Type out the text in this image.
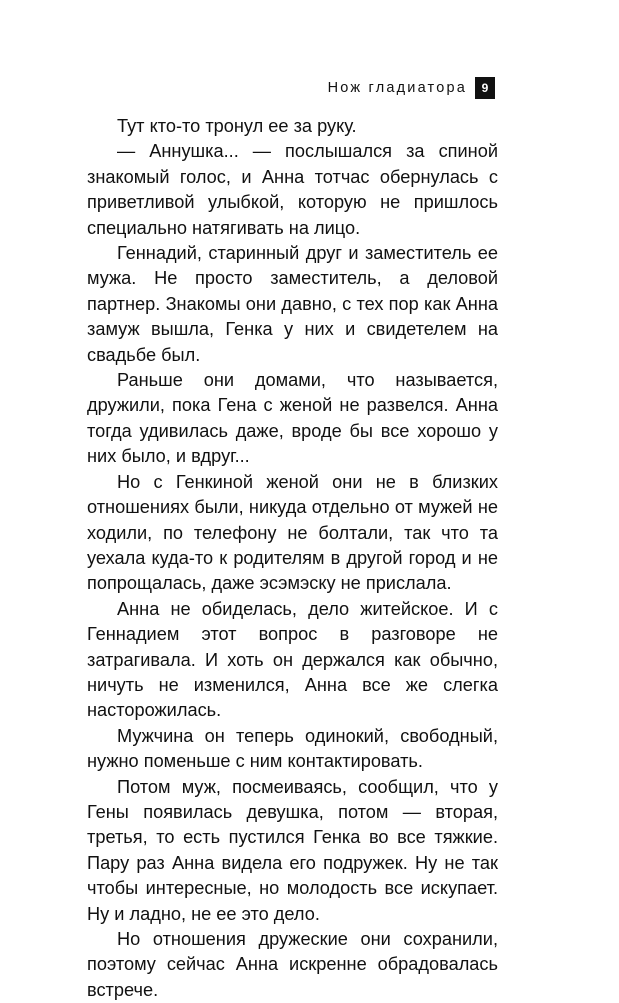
Нож гладиатора	9

Тут кто-то тронул ее за руку.

— Аннушка... — послышался за спиной знакомый голос, и Анна тотчас обернулась с приветливой улыбкой, которую не пришлось специально натягивать на лицо.

Геннадий, старинный друг и заместитель ее мужа. Не просто заместитель, а деловой партнер. Знакомы они давно, с тех пор как Анна замуж вышла, Генка у них и свидетелем на свадьбе был.

Раньше они домами, что называется, дружили, пока Гена с женой не развелся. Анна тогда удивилась даже, вроде бы все хорошо у них было, и вдруг...

Но с Генкиной женой они не в близких отношениях были, никуда отдельно от мужей не ходили, по телефону не болтали, так что та уехала куда-то к родителям в другой город и не попрощалась, даже эсэмэску не прислала.

Анна не обиделась, дело житейское. И с Геннадием этот вопрос в разговоре не затрагивала. И хоть он держался как обычно, ничуть не изменился, Анна все же слегка насторожилась.

Мужчина он теперь одинокий, свободный, нужно поменьше с ним контактировать.

Потом муж, посмеиваясь, сообщил, что у Гены появилась девушка, потом — вторая, третья, то есть пустился Генка во все тяжкие. Пару раз Анна видела его подружек. Ну не так чтобы интересные, но молодость все искупает. Ну и ладно, не ее это дело.

Но отношения дружеские они сохранили, поэтому сейчас Анна искренне обрадовалась встрече.
